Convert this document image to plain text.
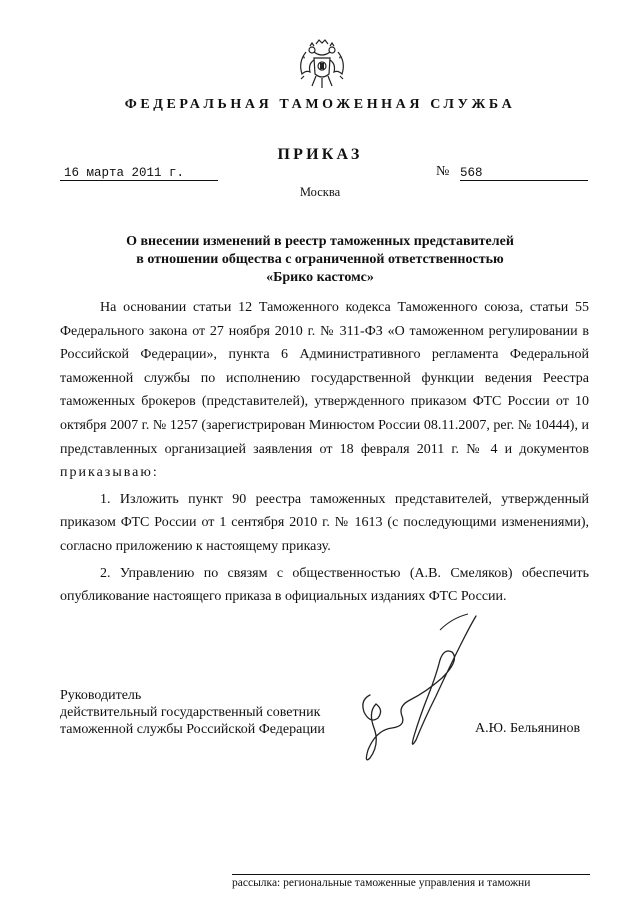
ФЕДЕРАЛЬНАЯ ТАМОЖЕННАЯ СЛУЖБА
ПРИКАЗ
16 марта 2011 г.	№ 568
Москва
О внесении изменений в реестр таможенных представителей
в отношении общества с ограниченной ответственностью
«Брико кастомс»

На основании статьи 12 Таможенного кодекса Таможенного союза, статьи 55 Федерального закона от 27 ноября 2010 г. № 311-ФЗ «О таможенном регулировании в Российской Федерации», пункта 6 Административного регламента Федеральной таможенной службы по исполнению государственной функции ведения Реестра таможенных брокеров (представителей), утвержденного приказом ФТС России от 10 октября 2007 г. № 1257 (зарегистрирован Минюстом России 08.11.2007, рег. № 10444), и представленных организацией заявления от 18 февраля 2011 г. № 4 и документов приказываю:

1. Изложить пункт 90 реестра таможенных представителей, утвержденный приказом ФТС России от 1 сентября 2010 г. № 1613 (с последующими изменениями), согласно приложению к настоящему приказу.

2. Управлению по связям с общественностью (А.В. Смеляков) обеспечить опубликование настоящего приказа в официальных изданиях ФТС России.

Руководитель
действительный государственный советник
таможенной службы Российской Федерации	А.Ю. Бельянинов
рассылка: региональные таможенные управления и таможни
